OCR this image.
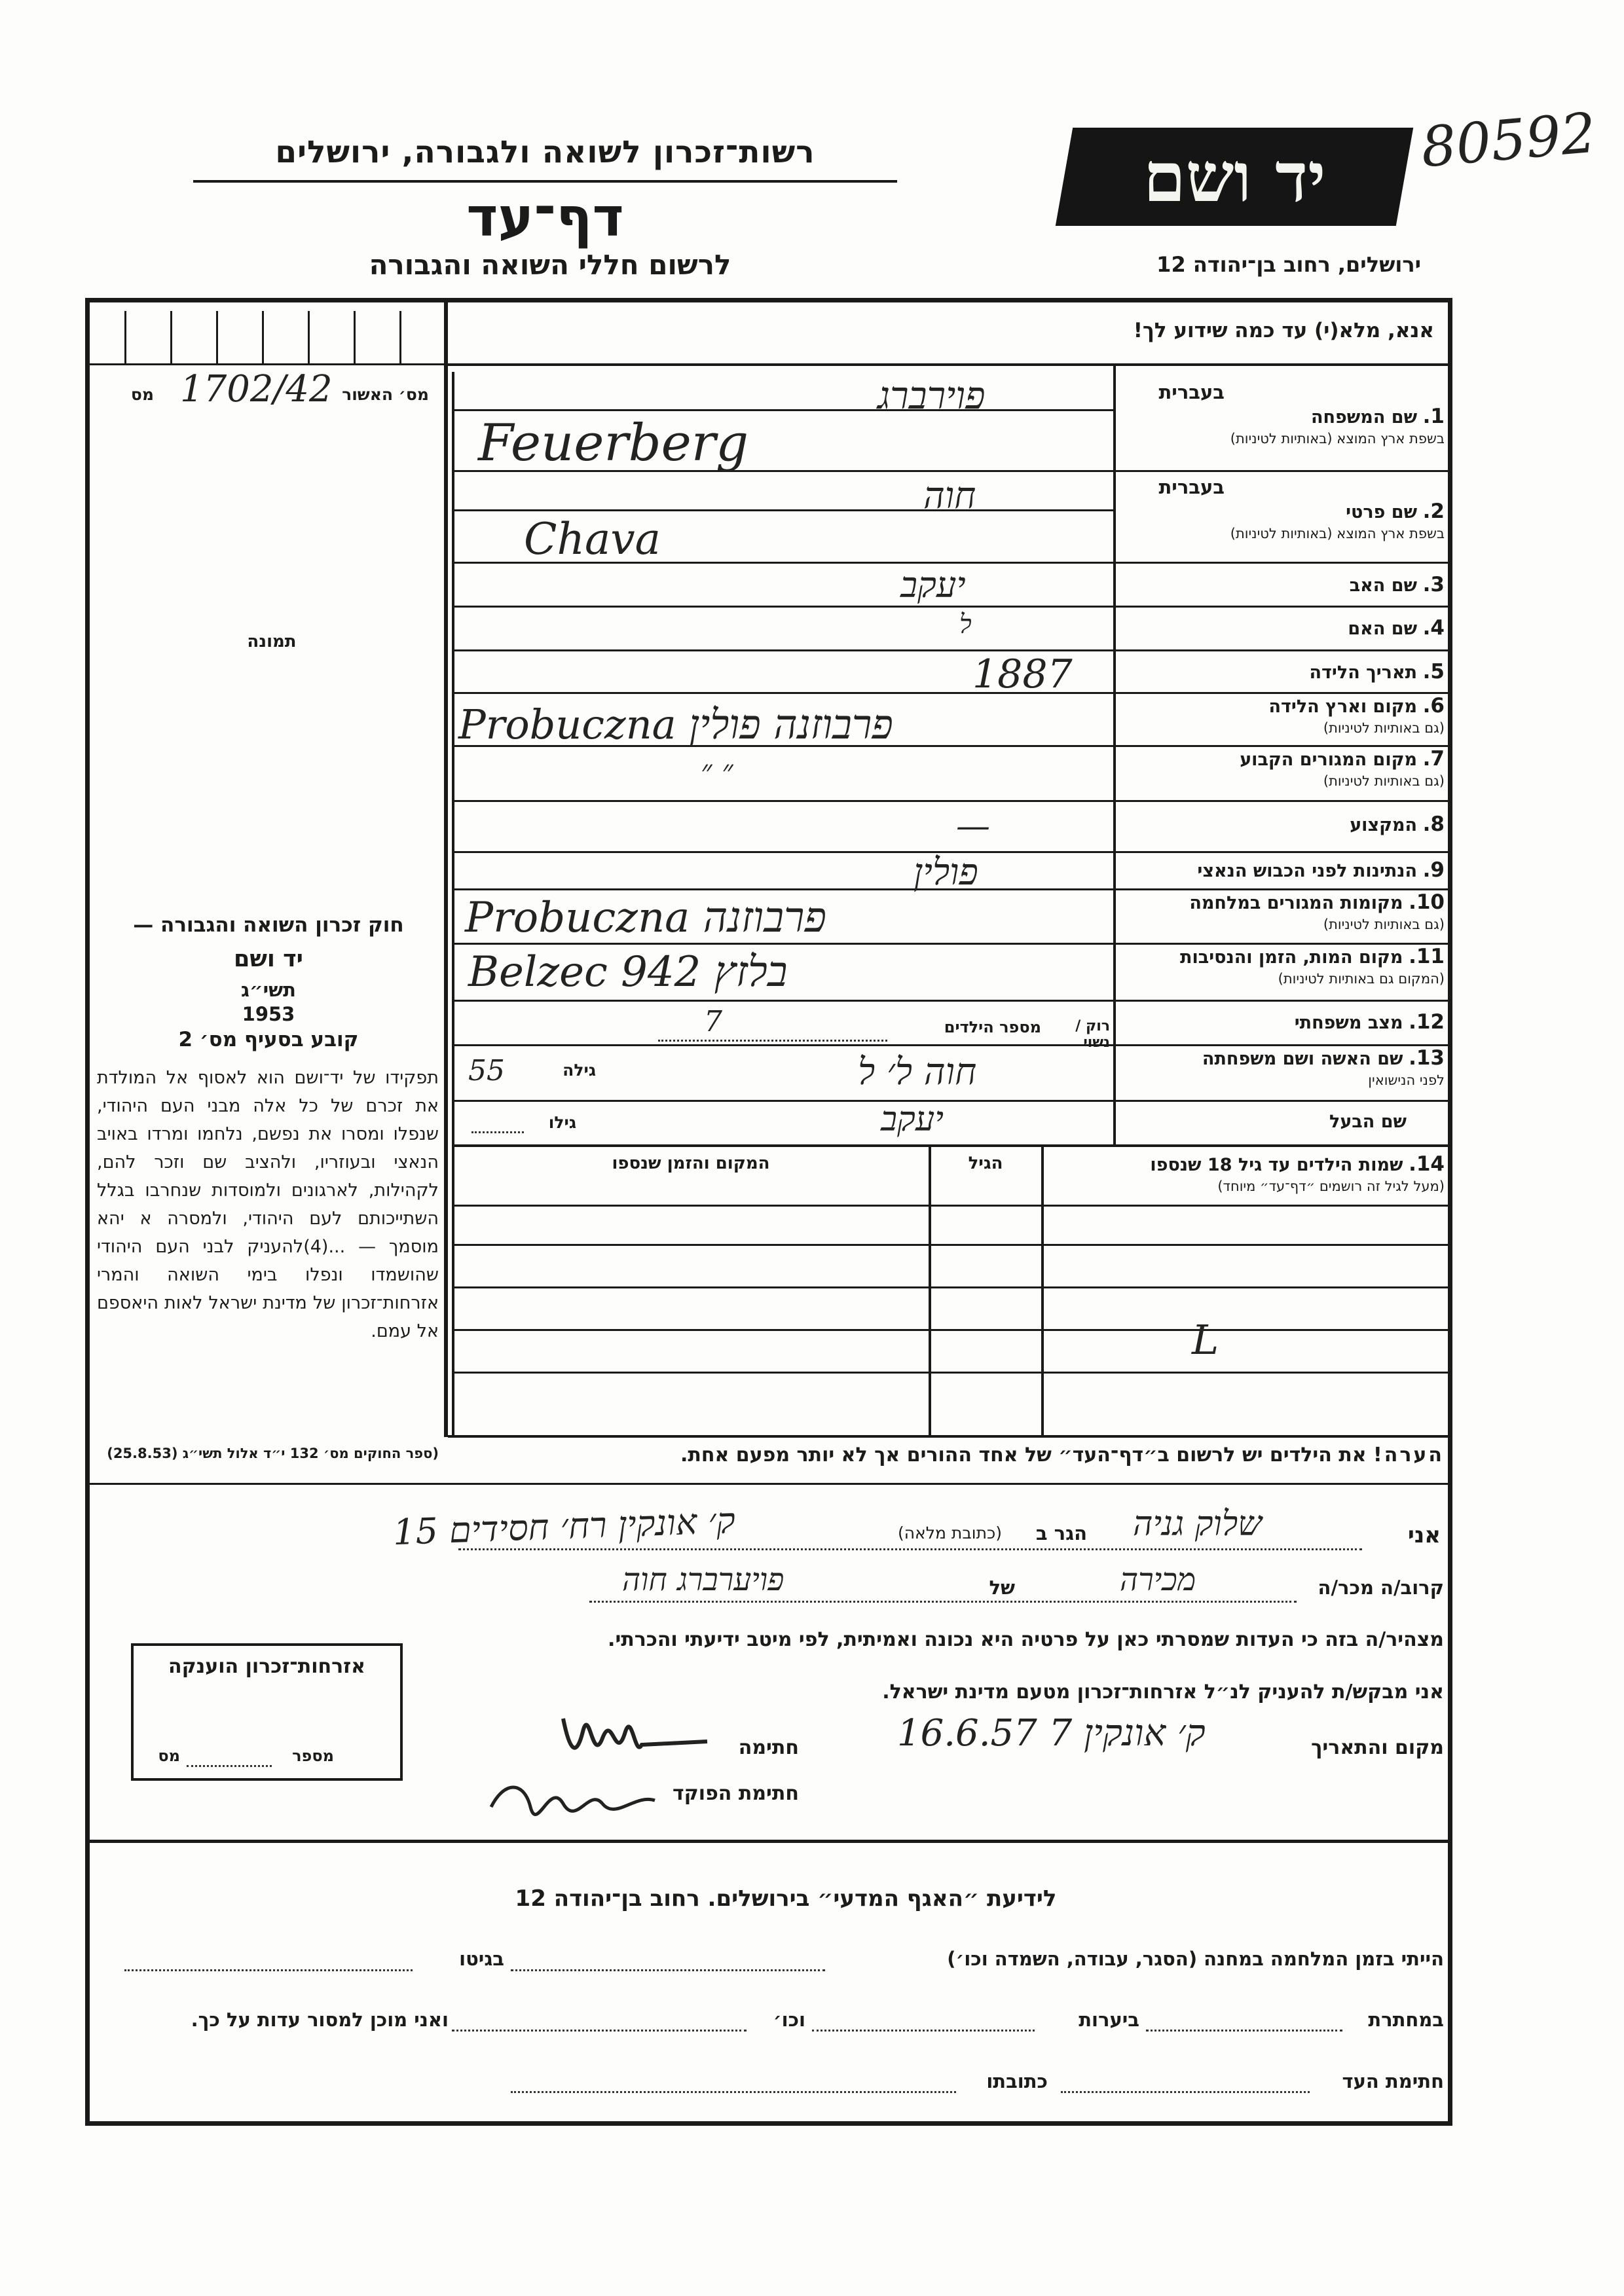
80592
רשות־זכרון לשואה ולגבורה, ירושלים
דף־עד
לרשום חללי השואה והגבורה
יד ושם
ירושלים, רחוב בן־יהודה 12
אנא, מלא(י) עד כמה שידוע לך!
מס׳ האשור
מס 1702/42
תמונה
בעברית
בעברית
1. שם המשפחה
בשפת ארץ המוצא (באותיות לטיניות)
2. שם פרטי
בשפת ארץ המוצא (באותיות לטיניות)
3. שם האב
4. שם האם
5. תאריך הלידה
6. מקום וארץ הלידה
(גם באותיות לטיניות)
7. מקום המגורים הקבוע
(גם באותיות לטיניות)
8. המקצוע
9. הנתינות לפני הכבוש הנאצי
10. מקומות המגורים במלחמה
(גם באותיות לטיניות)
11. מקום המות, הזמן והנסיבות
(המקום גם באותיות לטיניות)
12. מצב משפחתי
13. שם האשה ושם משפחתה
לפני הנישואין
שם הבעל
פוירברג
Feuerberg
חוה
Chava
יעקב
ל
1887
Probuczna פרבוזנה פולין
״ ״
—
פולין
Probuczna פרבוזנה
Belzec 942 בלזץ
רוק / נשוי
מספר הילדים
7
חוה ל׳ ל
גילה
55
יעקב
גילו
14. שמות הילדים עד גיל 18 שנספו
(מעל לגיל זה רושמים ״דף־עד״ מיוחד)
הגיל
המקום והזמן שנספו
L
חוק זכרון השואה והגבורה —
יד ושם
תשי״ג
1953
קובע בסעיף מס׳ 2
תפקידו של יד־ושם הוא לאסוף אל המולדת את זכרם של כל אלה מבני העם היהודי, שנפלו ומסרו את נפשם, נלחמו ומרדו באויב הנאצי ובעוזריו, ולהציב שם וזכר להם, לקהילות, לארגונים ולמוסדות שנחרבו בגלל השתייכותם לעם היהודי, ולמסרה א יהא מוסמך — ...(4)להעניק לבני העם היהודי שהושמדו ונפלו בימי השואה והמרי אזרחות־זכרון של מדינת ישראל לאות היאספם אל עמם.
(ספר החוקים מס׳ 132 י״ד אלול תשי״ג (25.8.53)	הערה! את הילדים יש לרשום ב״דף־העד״ של אחד ההורים אך לא יותר מפעם אחת.
אני
שלוק גניה
הגר ב
(כתובת מלאה)
ק׳ אונקין רח׳ חסידים 15
קרוב/ה מכר/ה
מכירה
של
פויערברג חוה
מצהיר/ה בזה כי העדות שמסרתי כאן על פרטיה היא נכונה ואמיתית, לפי מיטב ידיעתי והכרתי.
אני מבקש/ת להעניק לנ״ל אזרחות־זכרון מטעם מדינת ישראל.
מקום והתאריך
ק׳ אונקין 7 16.6.57
חתימה
חתימת הפוקד
אזרחות־זכרון הוענקה
מספר
מס
לידיעת ״האגף המדעי״ בירושלים. רחוב בן־יהודה 12
הייתי בזמן המלחמה במחנה (הסגר, עבודה, השמדה וכו׳)
בגיטו
במחתרת
ביערות
וכו׳
ואני מוכן למסור עדות על כך.
חתימת העד
כתובתו
